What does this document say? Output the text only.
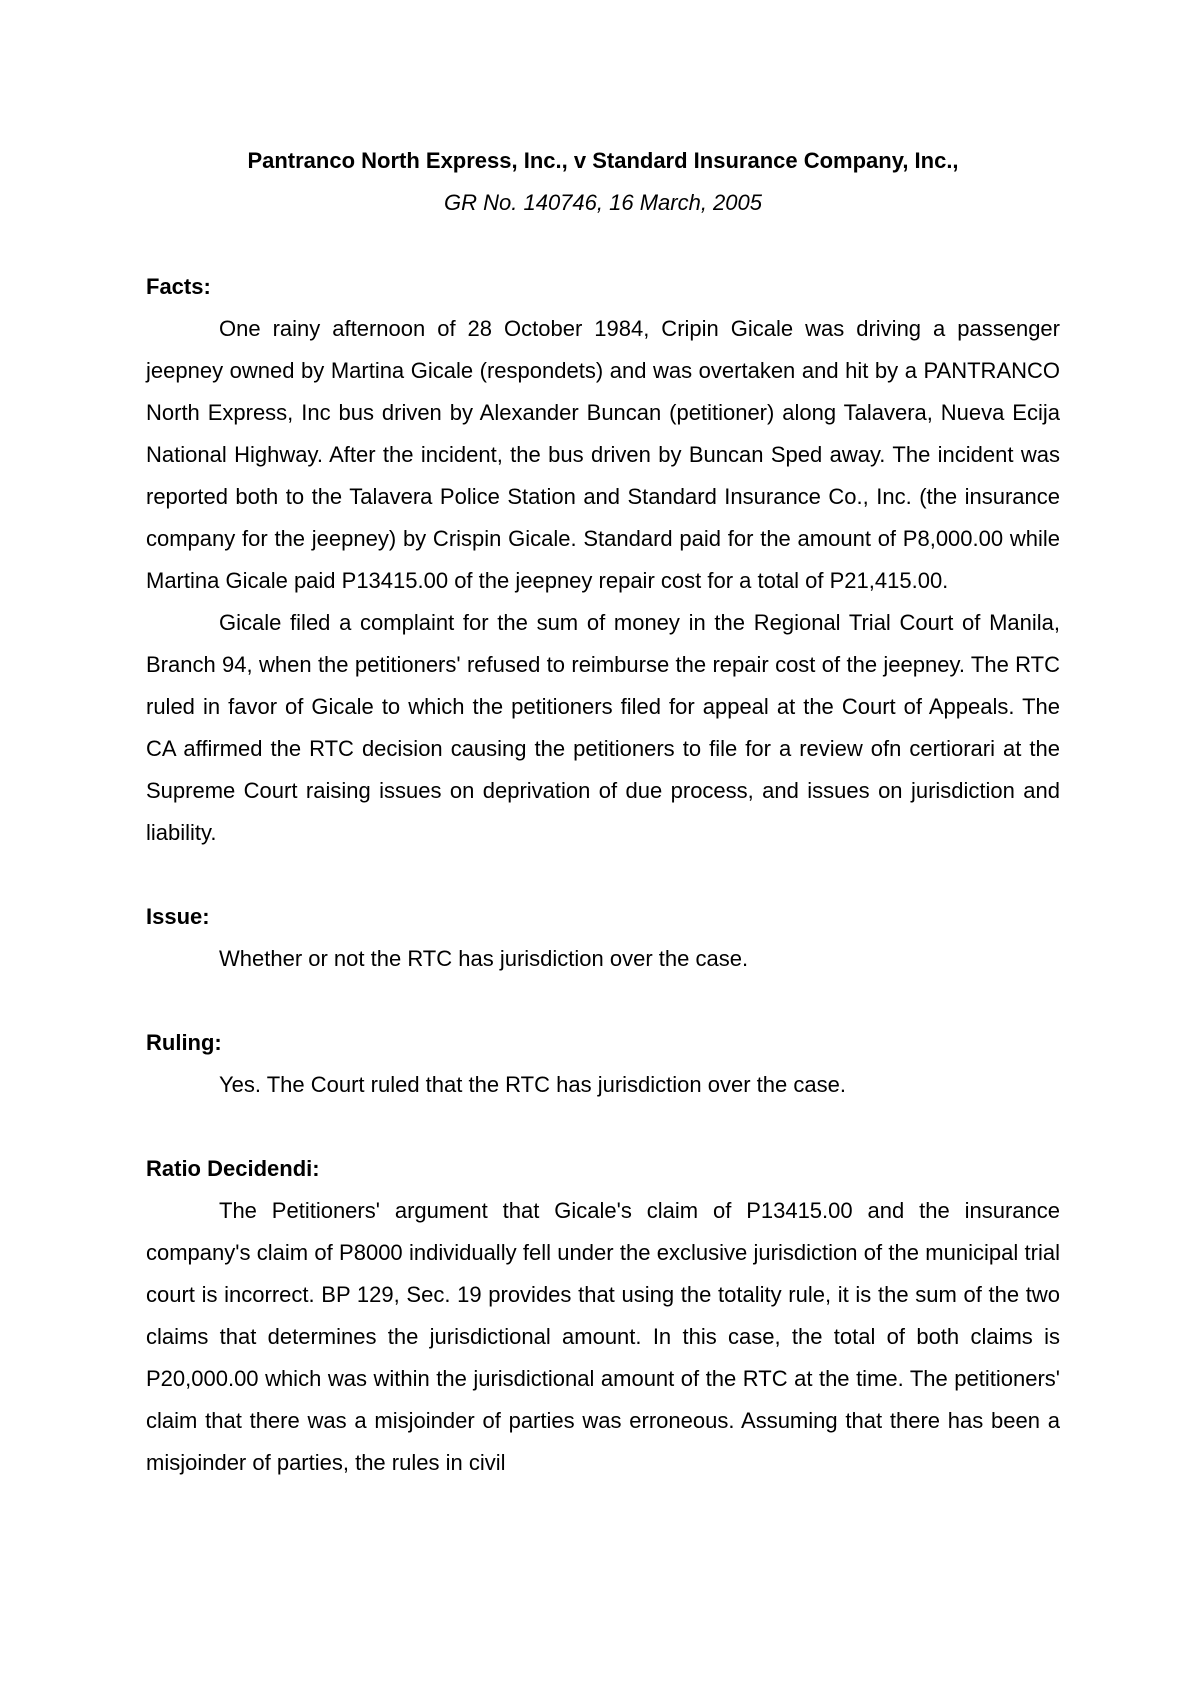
Pantranco North Express, Inc., v Standard Insurance Company, Inc.,

GR No. 140746, 16 March, 2005

Facts:

One rainy afternoon of 28 October 1984, Cripin Gicale was driving a passenger jeepney owned by Martina Gicale (respondets) and was overtaken and hit by a PANTRANCO North Express, Inc bus driven by Alexander Buncan (petitioner) along Talavera, Nueva Ecija National Highway. After the incident, the bus driven by Buncan Sped away. The incident was reported both to the Talavera Police Station and Standard Insurance Co., Inc. (the insurance company for the jeepney) by Crispin Gicale. Standard paid for the amount of P8,000.00 while Martina Gicale paid P13415.00 of the jeepney repair cost for a total of P21,415.00.

Gicale filed a complaint for the sum of money in the Regional Trial Court of Manila, Branch 94, when the petitioners' refused to reimburse the repair cost of the jeepney. The RTC ruled in favor of Gicale to which the petitioners filed for appeal at the Court of Appeals. The CA affirmed the RTC decision causing the petitioners to file for a review ofn certiorari at the Supreme Court raising issues on deprivation of due process, and issues on jurisdiction and liability.

Issue:

Whether or not the RTC has jurisdiction over the case.

Ruling:

Yes. The Court ruled that the RTC has jurisdiction over the case.

Ratio Decidendi:

The Petitioners' argument that Gicale's claim of P13415.00 and the insurance company's claim of P8000 individually fell under the exclusive jurisdiction of the municipal trial court is incorrect. BP 129, Sec. 19 provides that using the totality rule, it is the sum of the two claims that determines the jurisdictional amount. In this case, the total of both claims is P20,000.00 which was within the jurisdictional amount of the RTC at the time. The petitioners' claim that there was a misjoinder of parties was erroneous. Assuming that there has been a misjoinder of parties, the rules in civil
